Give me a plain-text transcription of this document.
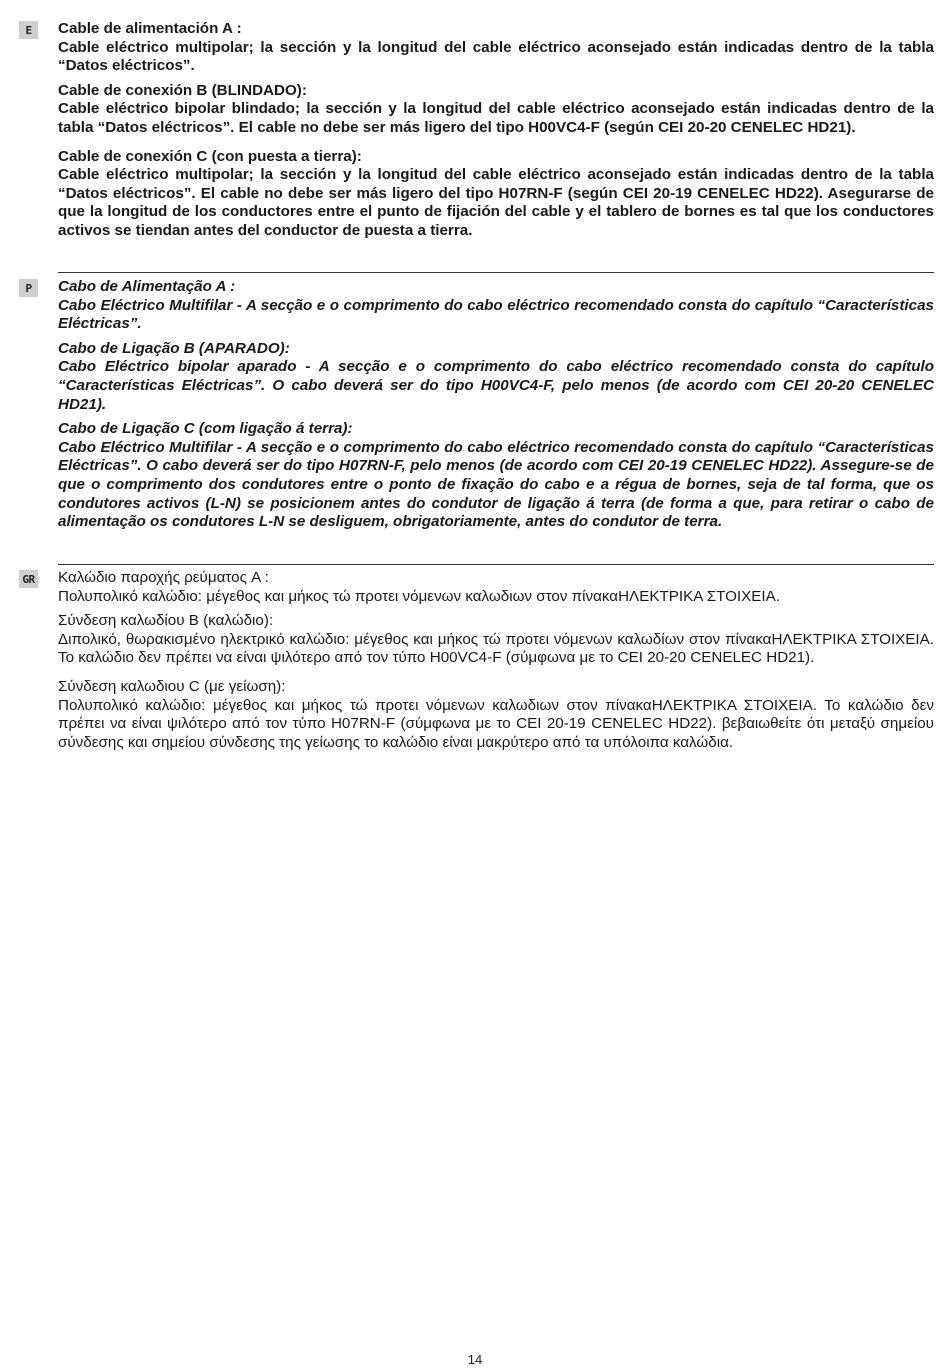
E	Cable de alimentación A :

Cable eléctrico multipolar; la sección y la longitud del cable eléctrico aconsejado están indicadas dentro de la tabla “Datos eléctricos”.

Cable de conexión B (BLINDADO):

Cable eléctrico bipolar blindado; la sección y la longitud del cable eléctrico aconsejado están indicadas dentro de la tabla “Datos eléctricos”. El cable no debe ser más ligero del tipo H00VC4-F (según CEI 20-20 CENELEC HD21).

Cable de conexión C (con puesta a tierra):

Cable eléctrico multipolar; la sección y la longitud del cable eléctrico aconsejado están indicadas dentro de la tabla “Datos eléctricos”. El cable no debe ser más ligero del tipo H07RN-F (según CEI 20-19 CENELEC HD22). Asegurarse de que la longitud de los conductores entre el punto de fijación del cable y el tablero de bornes es tal que los conductores activos se tiendan antes del conductor de puesta a tierra.

P	Cabo de Alimentação A :

Cabo Eléctrico Multifilar - A secção e o comprimento do cabo eléctrico recomendado consta do capítulo “Características Eléctricas”.

Cabo de Ligação B (APARADO):

Cabo Eléctrico bipolar aparado - A secção e o comprimento do cabo eléctrico recomendado consta do capítulo “Características Eléctricas”. O cabo deverá ser do tipo H00VC4-F, pelo menos (de acordo com CEI 20-20 CENELEC HD21).

Cabo de Ligação C (com ligação á terra):

Cabo Eléctrico Multifilar - A secção e o comprimento do cabo eléctrico recomendado consta do capítulo “Características Eléctricas”. O cabo deverá ser do tipo H07RN-F, pelo menos (de acordo com CEI 20-19 CENELEC HD22). Assegure-se de que o comprimento dos condutores entre o ponto de fixação do cabo e a régua de bornes, seja de tal forma, que os condutores activos (L-N) se posicionem antes do condutor de ligação á terra (de forma a que, para retirar o cabo de alimentação os condutores L-N se desliguem, obrigatoriamente, antes do condutor de terra.

GR Καλώδιο παροχής ρεύματος A :

Πολυπολικό καλώδιο: μέγεθος και μήκος τώ προτει νόμενων καλωδιων στον πίνακαΗΛΕΚΤΡΙΚΑ ΣΤΟΙΧΕΙΑ.

Σύνδεση καλωδίου B (καλώδιο):

Διπολικό, θωρακισμένο ηλεκτρικό καλώδιο: μέγεθος και μήκος τώ προτει νόμενων καλωδίων στον πίνακαΗΛΕΚΤΡΙΚΑ ΣΤΟΙΧΕΙΑ. Το καλώδιο δεν πρέπει να είναι ψιλότερο από τον τύπο H00VC4-F (σύμφωνα με το CEI 20-20 CENELEC HD21).

Σύνδεση καλωδιου C (με γείωση):

Πολυπολικό καλώδιο: μέγεθος και μήκος τώ προτει νόμενων καλωδιων στον πίνακαΗΛΕΚΤΡΙΚΑ ΣΤΟΙΧΕΙΑ. Το καλώδιο δεν πρέπει να είναι ψιλότερο από τον τύπο H07RN-F (σύμφωνα με το CEI 20-19 CENELEC HD22). βεβαιωθείτε ότι μεταξύ σημείου σύνδεσης και σημείου σύνδεσης της γείωσης το καλώδιο είναι μακρύτερο από τα υπόλοιπα καλώδια.

14
